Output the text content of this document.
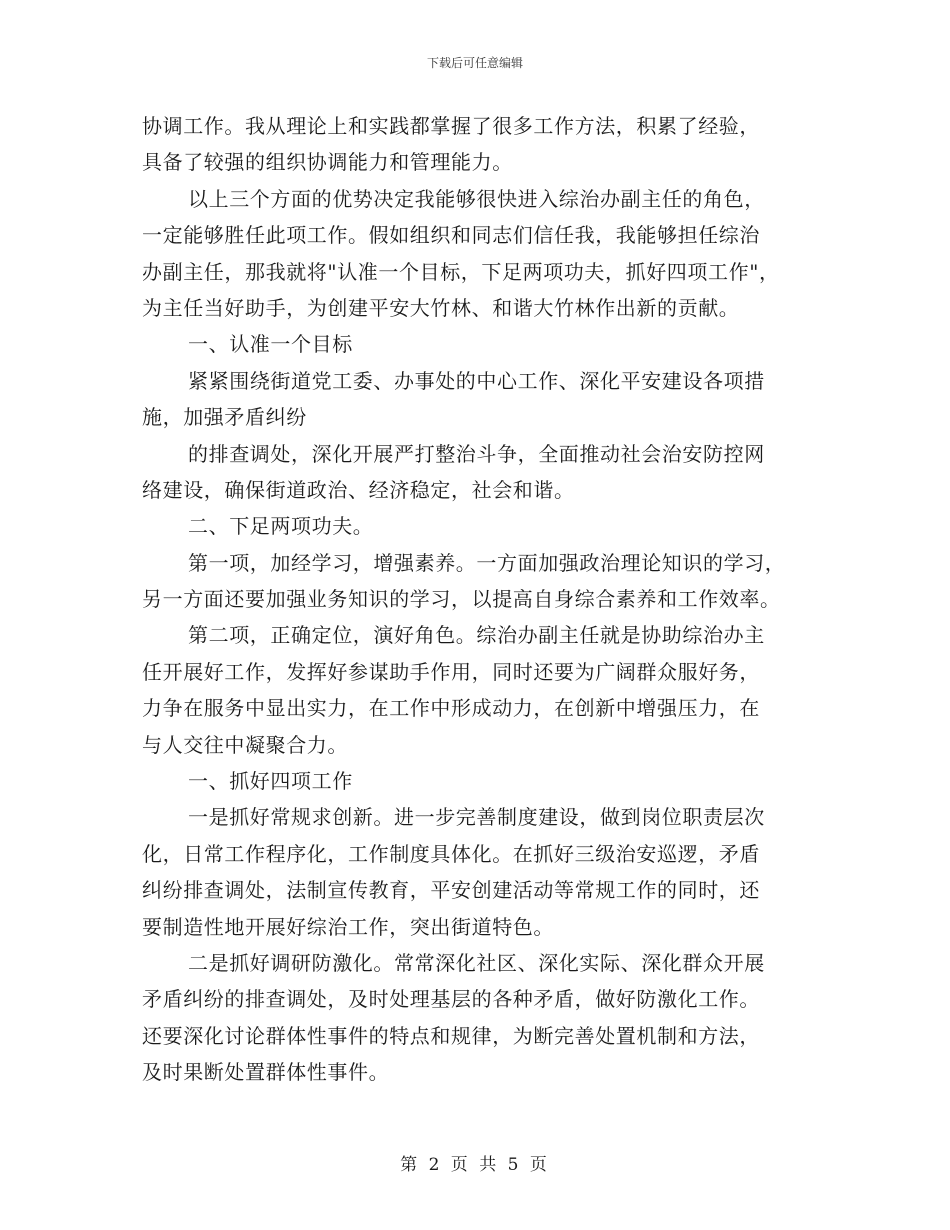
下载后可任意编辑
协调工作。我从理论上和实践都掌握了很多工作方法，积累了经验，
具备了较强的组织协调能力和管理能力。
以上三个方面的优势决定我能够很快进入综治办副主任的角色，
一定能够胜任此项工作。假如组织和同志们信任我，我能够担任综治
办副主任，那我就将"认准一个目标，下足两项功夫，抓好四项工作"，
为主任当好助手，为创建平安大竹林、和谐大竹林作出新的贡献。
一、认准一个目标
紧紧围绕街道党工委、办事处的中心工作、深化平安建设各项措
施，加强矛盾纠纷
的排查调处，深化开展严打整治斗争，全面推动社会治安防控网
络建设，确保街道政治、经济稳定，社会和谐。
二、下足两项功夫。
第一项，加经学习，增强素养。一方面加强政治理论知识的学习，
另一方面还要加强业务知识的学习，以提高自身综合素养和工作效率。
第二项，正确定位，演好角色。综治办副主任就是协助综治办主
任开展好工作，发挥好参谋助手作用，同时还要为广阔群众服好务，
力争在服务中显出实力，在工作中形成动力，在创新中增强压力，在
与人交往中凝聚合力。
一、抓好四项工作
一是抓好常规求创新。进一步完善制度建设，做到岗位职责层次
化，日常工作程序化，工作制度具体化。在抓好三级治安巡逻，矛盾
纠纷排查调处，法制宣传教育，平安创建活动等常规工作的同时，还
要制造性地开展好综治工作，突出街道特色。
二是抓好调研防激化。常常深化社区、深化实际、深化群众开展
矛盾纠纷的排查调处，及时处理基层的各种矛盾，做好防激化工作。
还要深化讨论群体性事件的特点和规律，为断完善处置机制和方法，
及时果断处置群体性事件。
第 2 页 共 5 页
